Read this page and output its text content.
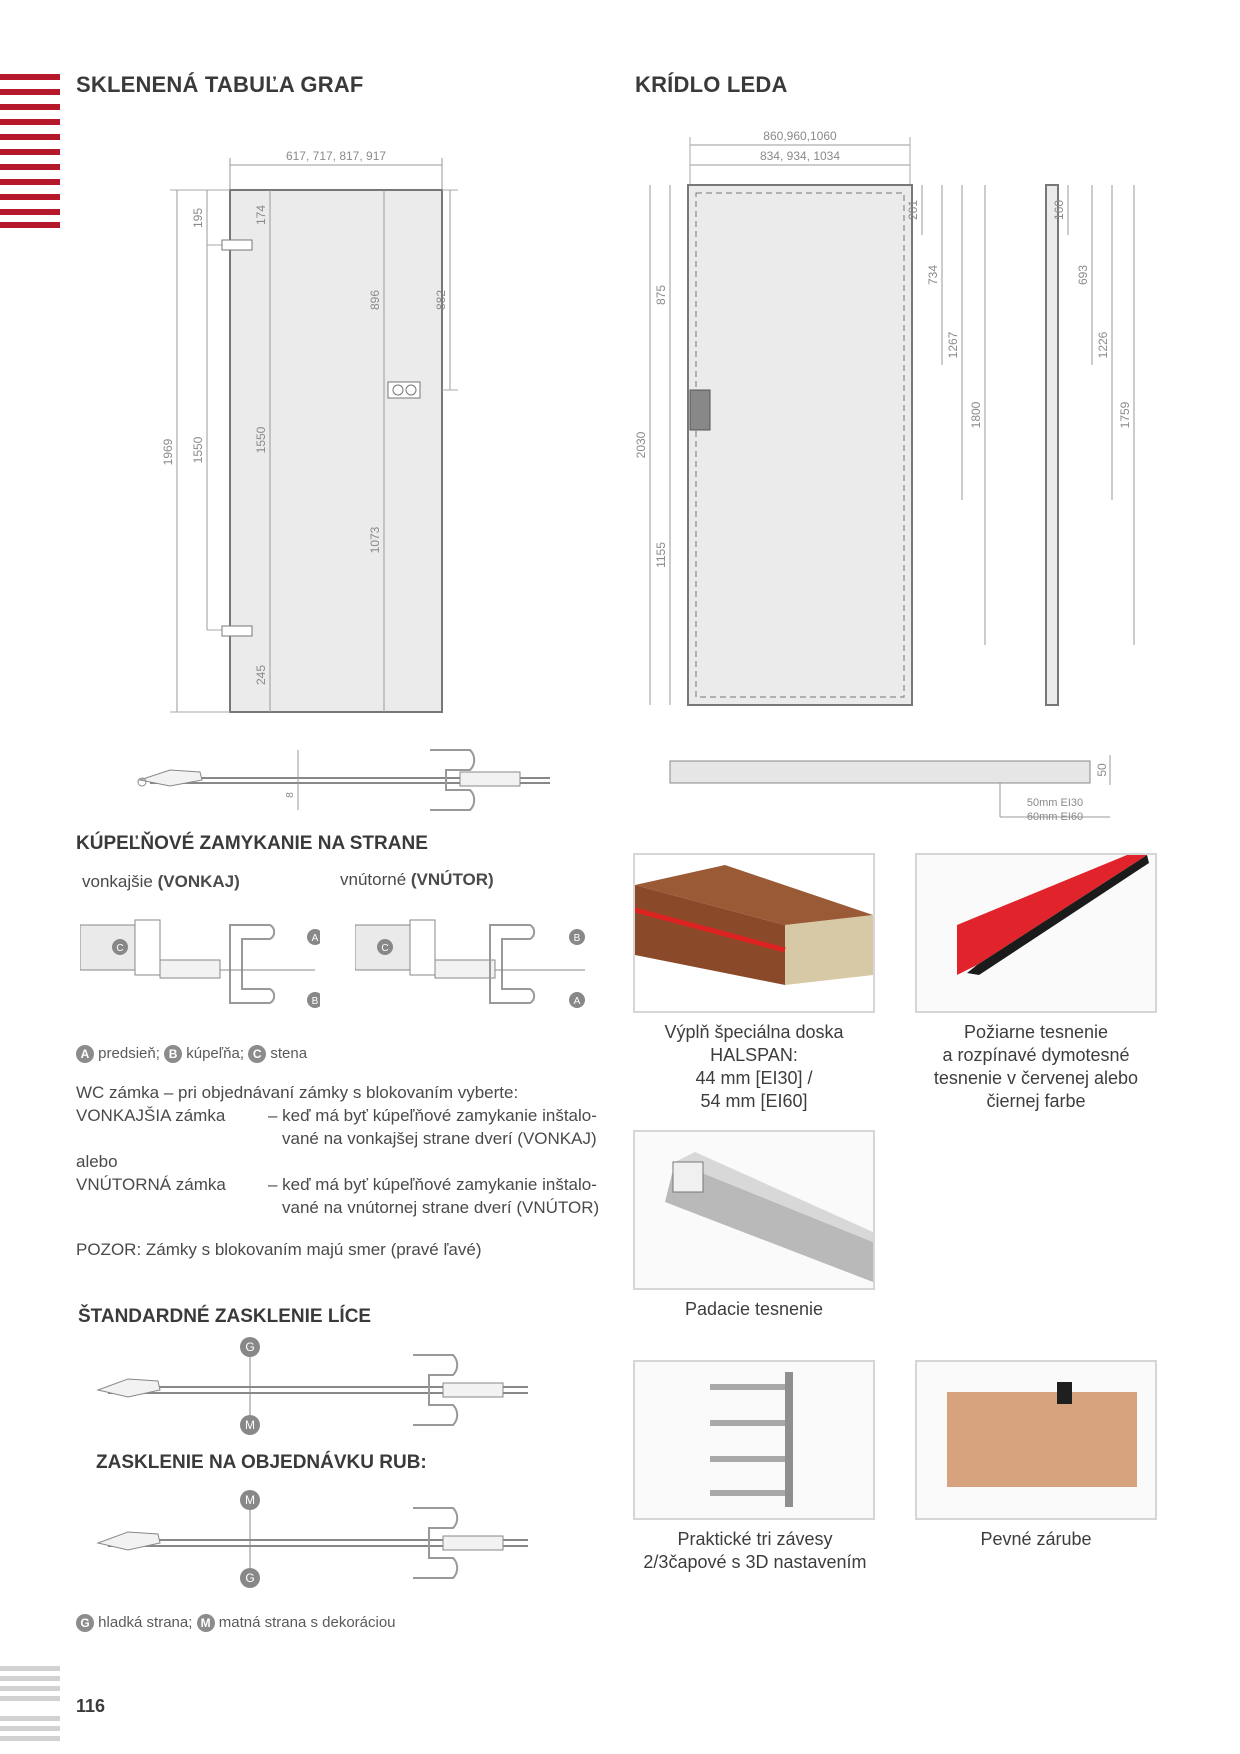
SKLENENÁ TABUĽA GRAF	KRÍDLO LEDA
617, 717, 817, 917
1969
195
1550
174
1550
245
896
1073
882
8
860,960,1060
834, 934, 1034
2030
875
1155
201
734
1267
1800
160
693
1226
1759
50
50mm EI30
60mm EI60
KÚPEĽŇOVÉ ZAMYKANIE NA STRANE
vonkajšie (VONKAJ)	vnútorné (VNÚTOR)
C
A
B
C
B
A
A predsieň; B kúpeľňa; C stena
WC zámka – pri objednávaní zámky s blokovaním vyberte:
VONKAJŠIA zámka	– keď má byť kúpeľňové zamykanie inštalo-
vané na vonkajšej strane dverí (VONKAJ)
alebo
VNÚTORNÁ zámka – keď má byť kúpeľňové zamykanie inštalo-
vané na vnútornej strane dverí (VNÚTOR)
POZOR: Zámky s blokovaním majú smer (pravé ľavé)
ŠTANDARDNÉ ZASKLENIE LÍCE
G
M
ZASKLENIE NA OBJEDNÁVKU RUB:
M
G
G hladká strana; M matná strana s dekoráciou
Výplň špeciálna doska
HALSPAN:
44 mm [EI30] /
54 mm [EI60]
Požiarne tesnenie
a rozpínavé dymotesné
tesnenie v červenej alebo
čiernej farbe
Padacie tesnenie
Praktické tri závesy
2/3čapové s 3D nastavením
Pevné zárube
116
